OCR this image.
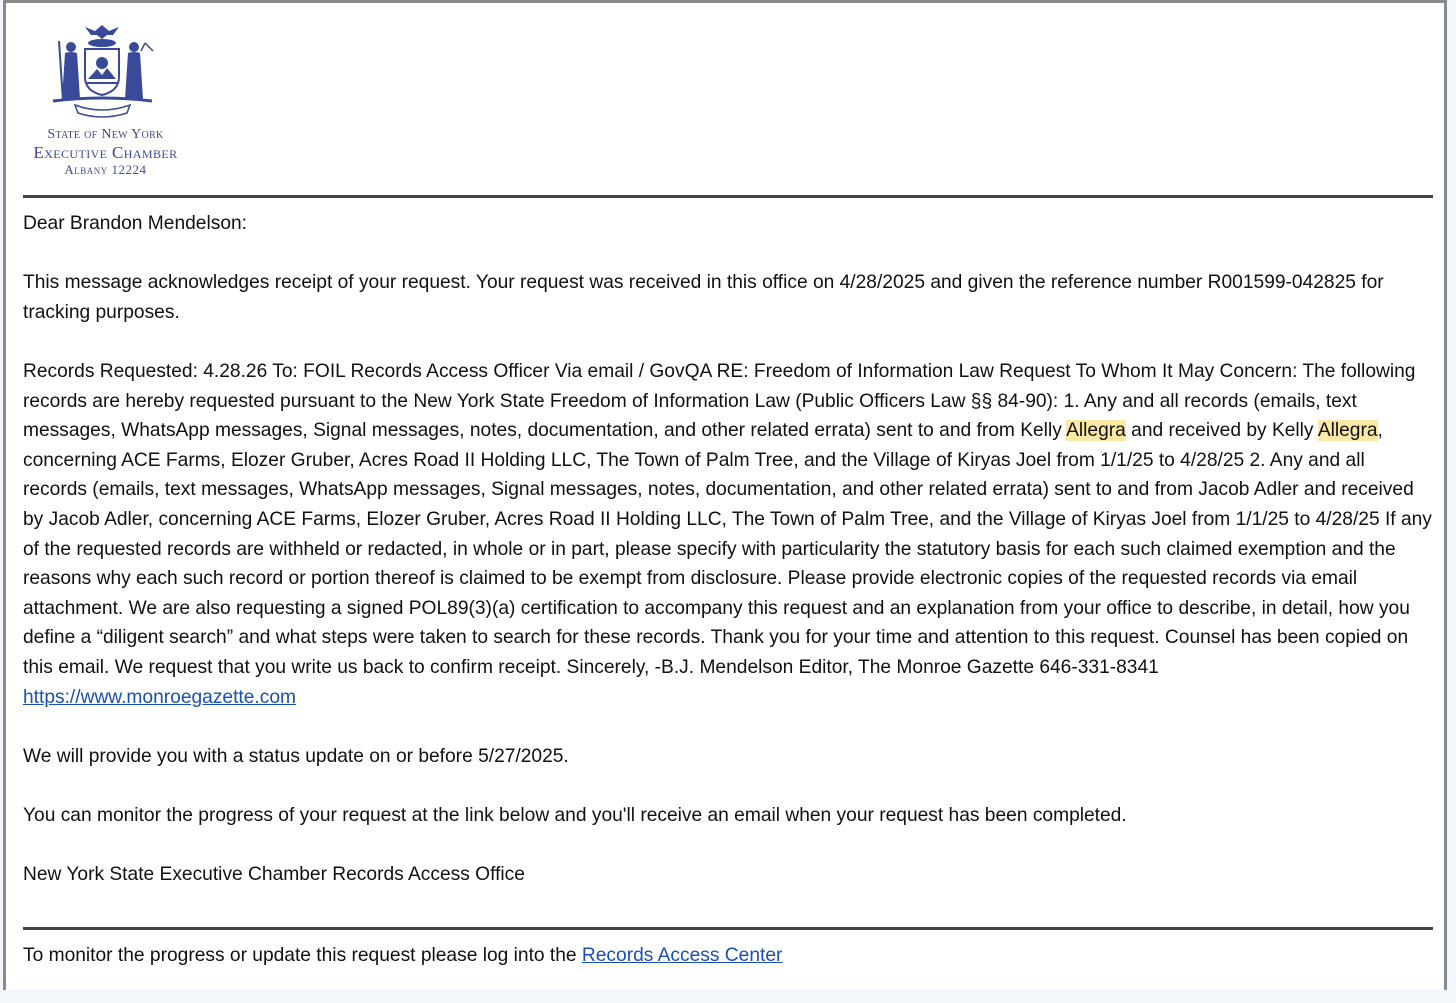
State of New York
Executive Chamber
Albany 12224

Dear Brandon Mendelson:

This message acknowledges receipt of your request. Your request was received in this office on 4/28/2025 and given the reference number R001599-042825 for tracking purposes.

Records Requested: 4.28.26 To: FOIL Records Access Officer Via email / GovQA RE: Freedom of Information Law Request To Whom It May Concern: The following records are hereby requested pursuant to the New York State Freedom of Information Law (Public Officers Law §§ 84-90): 1. Any and all records (emails, text messages, WhatsApp messages, Signal messages, notes, documentation, and other related errata) sent to and from Kelly Allegra and received by Kelly Allegra, concerning ACE Farms, Elozer Gruber, Acres Road II Holding LLC, The Town of Palm Tree, and the Village of Kiryas Joel from 1/1/25 to 4/28/25 2. Any and all records (emails, text messages, WhatsApp messages, Signal messages, notes, documentation, and other related errata) sent to and from Jacob Adler and received by Jacob Adler, concerning ACE Farms, Elozer Gruber, Acres Road II Holding LLC, The Town of Palm Tree, and the Village of Kiryas Joel from 1/1/25 to 4/28/25 If any of the requested records are withheld or redacted, in whole or in part, please specify with particularity the statutory basis for each such claimed exemption and the reasons why each such record or portion thereof is claimed to be exempt from disclosure. Please provide electronic copies of the requested records via email attachment. We are also requesting a signed POL89(3)(a) certification to accompany this request and an explanation from your office to describe, in detail, how you define a “diligent search” and what steps were taken to search for these records. Thank you for your time and attention to this request. Counsel has been copied on this email. We request that you write us back to confirm receipt. Sincerely, -B.J. Mendelson Editor, The Monroe Gazette 646-331-8341 https://www.monroegazette.com

We will provide you with a status update on or before 5/27/2025.

You can monitor the progress of your request at the link below and you'll receive an email when your request has been completed.

New York State Executive Chamber Records Access Office

To monitor the progress or update this request please log into the Records Access Center
